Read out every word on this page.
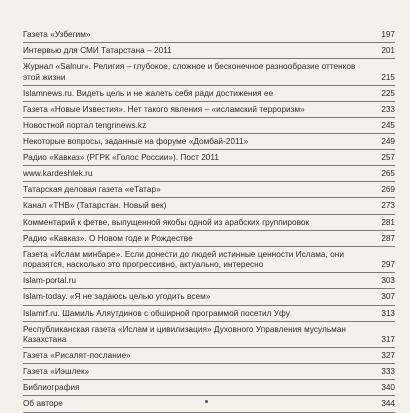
Газета «Узбегим»	197
Интервью для СМИ Татарстана – 2011	201
Журнал «Salnur». Религия – глубокое, сложное и бесконечное разнообразие оттенков этой жизни	215
Islamnews.ru. Видеть цель и не жалеть себя ради достижения ее	225
Газета «Новые Известия». Нет такого явления – «исламский терроризм»	233
Новостной портал tengrinews.kz	245
Некоторые вопросы, заданные на форуме «Домбай-2011»	249
Радио «Кавказ» (РГРК «Голос России»). Пост 2011	257
www.kardeshlek.ru	265
Татарская деловая газета «еТатар»	269
Канал «ТНВ» (Татарстан. Новый век)	273
Комментарий к фетве, выпущенной якобы одной из арабских группировок	281
Радио «Кавказ». О Новом годе и Рождестве	287
Газета «Ислам минбаре». Если донести до людей истинные ценности Ислама, они поразятся, насколько это прогрессивно, актуально, интересно	297
Islam-portal.ru	303
Islam-today. «Я не задаюсь целью угодить всем»	307
Islamrf.ru. Шамиль Аляутдинов с обширной программой посетил Уфу	313
Республиканская газета «Ислам и цивилизация» Духовного Управления мусульман Казахстана	317
Газета «Рисалят-послание»	327
Газета «Иэшлек»	333
Библиография	340
Об авторе	344
